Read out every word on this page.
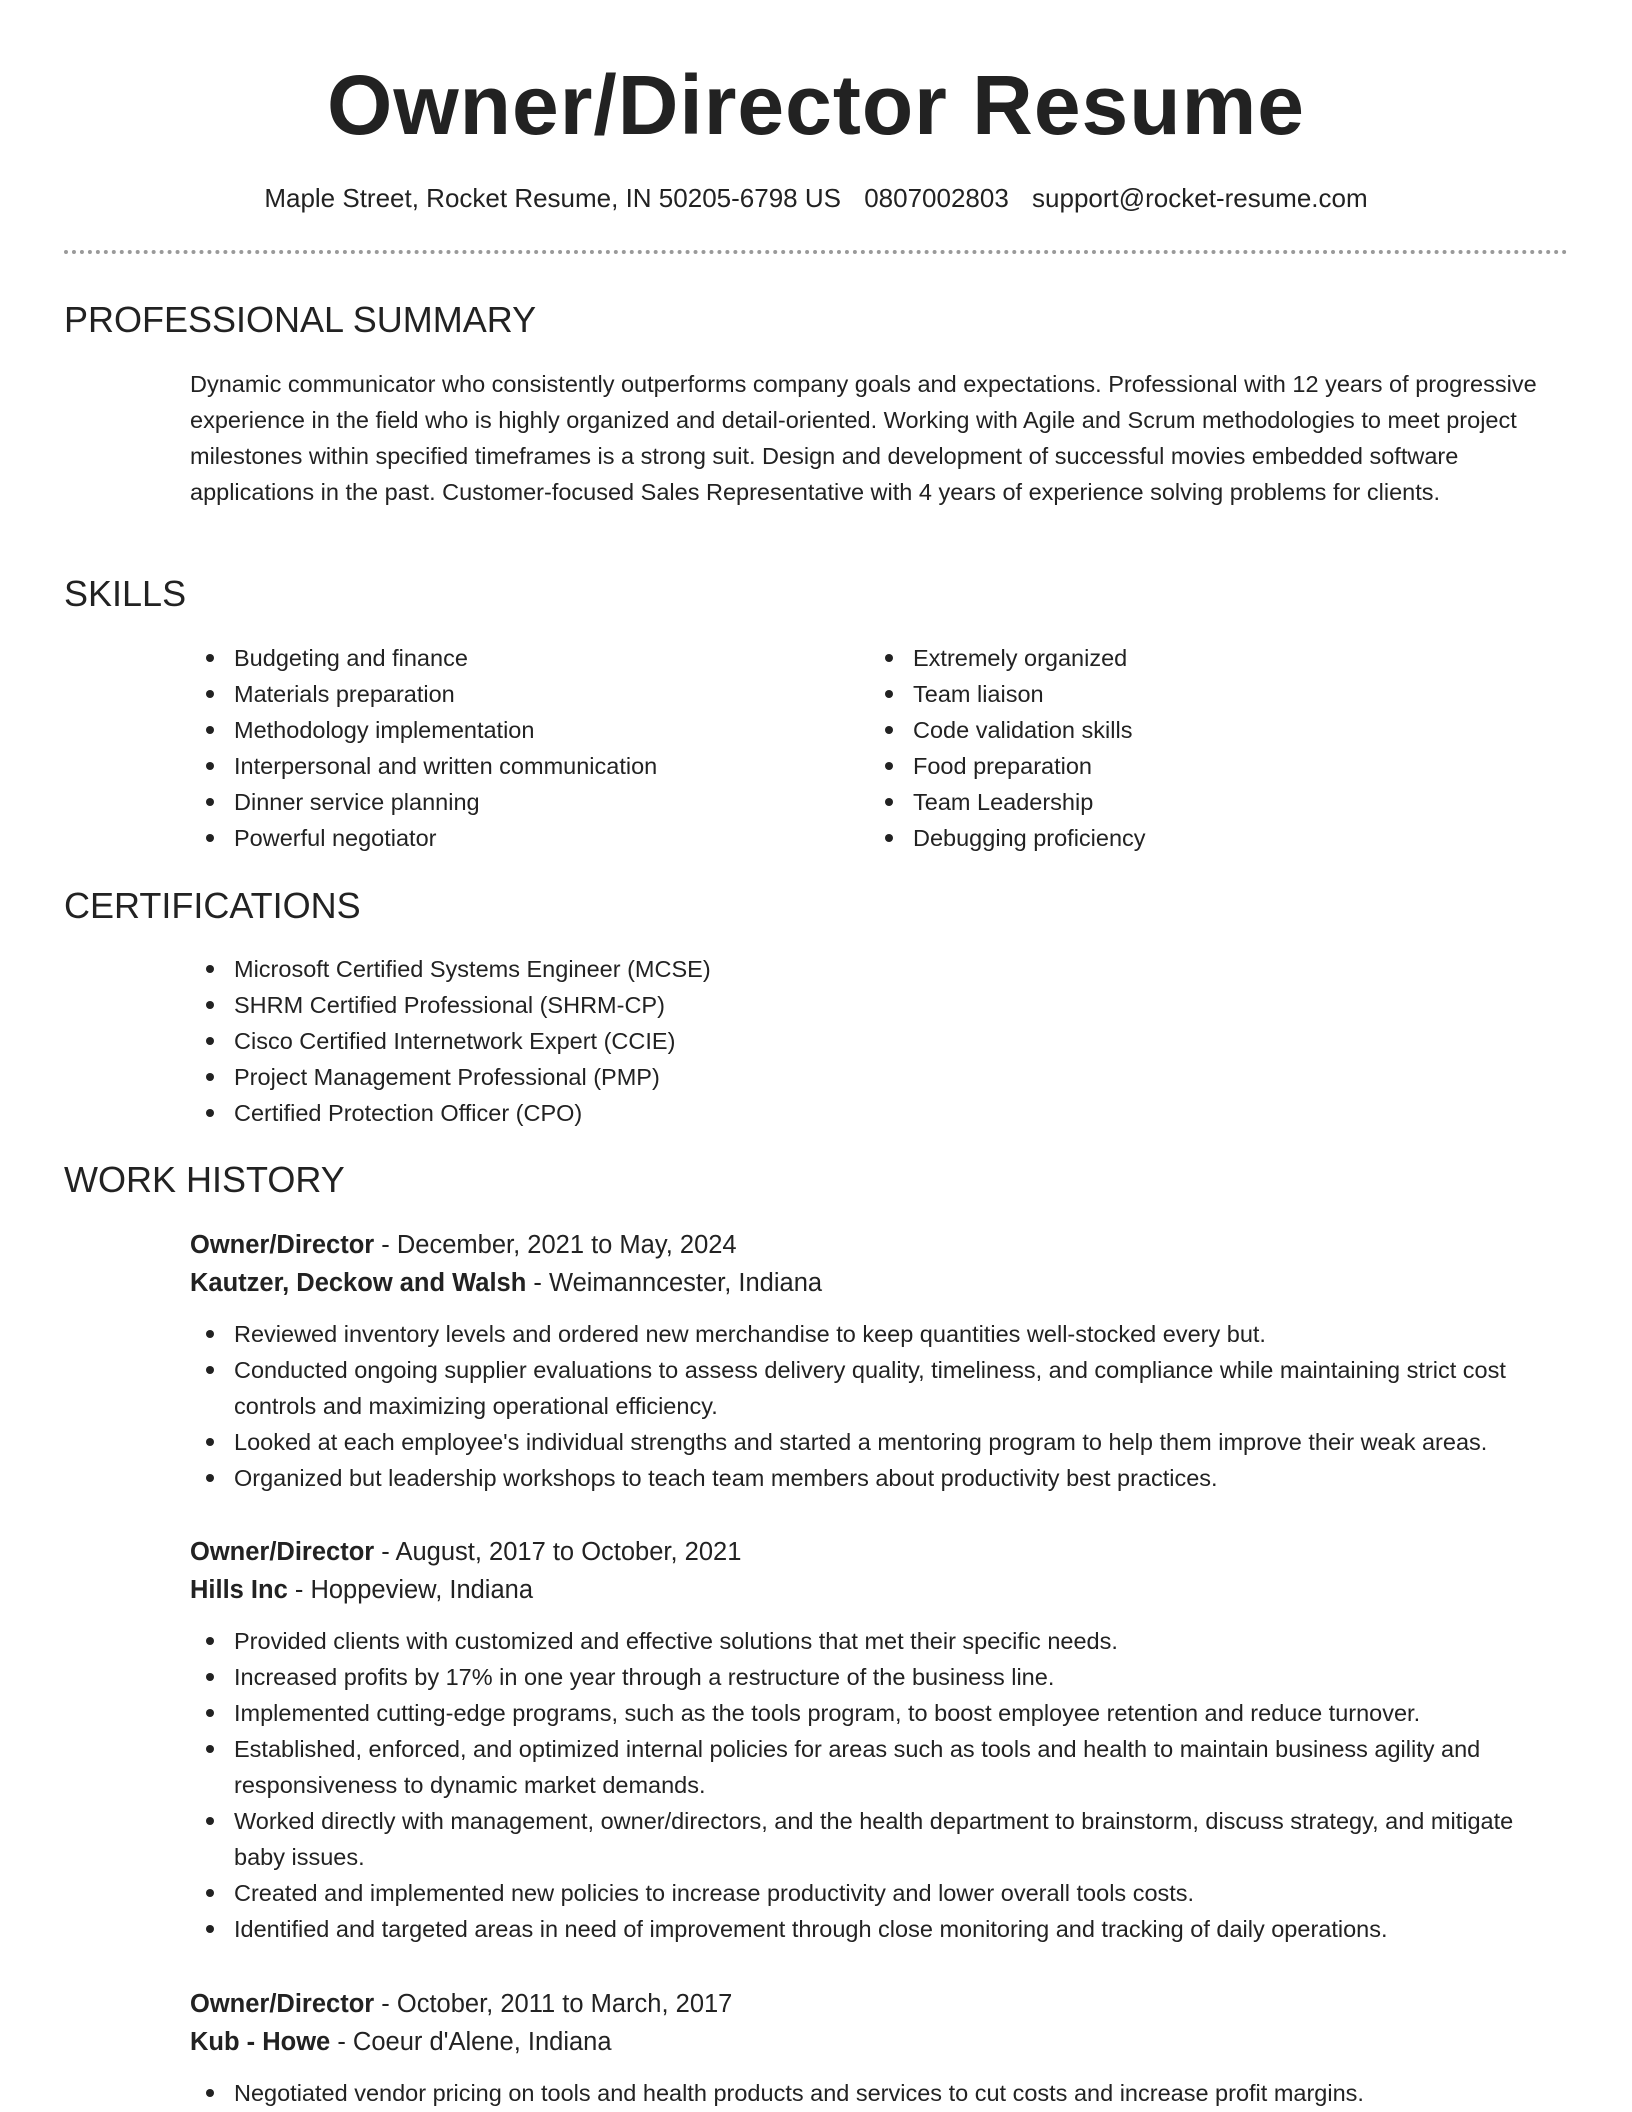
Owner/Director Resume
Maple Street, Rocket Resume, IN 50205-6798 US 0807002803 support@rocket-resume.com
PROFESSIONAL SUMMARY

Dynamic communicator who consistently outperforms company goals and expectations. Professional with 12 years of progressive experience in the field who is highly organized and detail-oriented. Working with Agile and Scrum methodologies to meet project milestones within specified timeframes is a strong suit. Design and development of successful movies embedded software applications in the past. Customer-focused Sales Representative with 4 years of experience solving problems for clients.

SKILLS
Budgeting and finance
Materials preparation
Methodology implementation
Interpersonal and written communication
Dinner service planning
Powerful negotiator
Extremely organized
Team liaison
Code validation skills
Food preparation
Team Leadership
Debugging proficiency
CERTIFICATIONS
Microsoft Certified Systems Engineer (MCSE)
SHRM Certified Professional (SHRM-CP)
Cisco Certified Internetwork Expert (CCIE)
Project Management Professional (PMP)
Certified Protection Officer (CPO)
WORK HISTORY
Owner/Director - December, 2021 to May, 2024
Kautzer, Deckow and Walsh - Weimanncester, Indiana
Reviewed inventory levels and ordered new merchandise to keep quantities well-stocked every but.
Conducted ongoing supplier evaluations to assess delivery quality, timeliness, and compliance while maintaining strict cost controls and maximizing operational efficiency.
Looked at each employee's individual strengths and started a mentoring program to help them improve their weak areas.
Organized but leadership workshops to teach team members about productivity best practices.
Owner/Director - August, 2017 to October, 2021
Hills Inc - Hoppeview, Indiana
Provided clients with customized and effective solutions that met their specific needs.
Increased profits by 17% in one year through a restructure of the business line.
Implemented cutting-edge programs, such as the tools program, to boost employee retention and reduce turnover.
Established, enforced, and optimized internal policies for areas such as tools and health to maintain business agility and responsiveness to dynamic market demands.
Worked directly with management, owner/directors, and the health department to brainstorm, discuss strategy, and mitigate baby issues.
Created and implemented new policies to increase productivity and lower overall tools costs.
Identified and targeted areas in need of improvement through close monitoring and tracking of daily operations.
Owner/Director - October, 2011 to March, 2017
Kub - Howe - Coeur d'Alene, Indiana
Negotiated vendor pricing on tools and health products and services to cut costs and increase profit margins.
